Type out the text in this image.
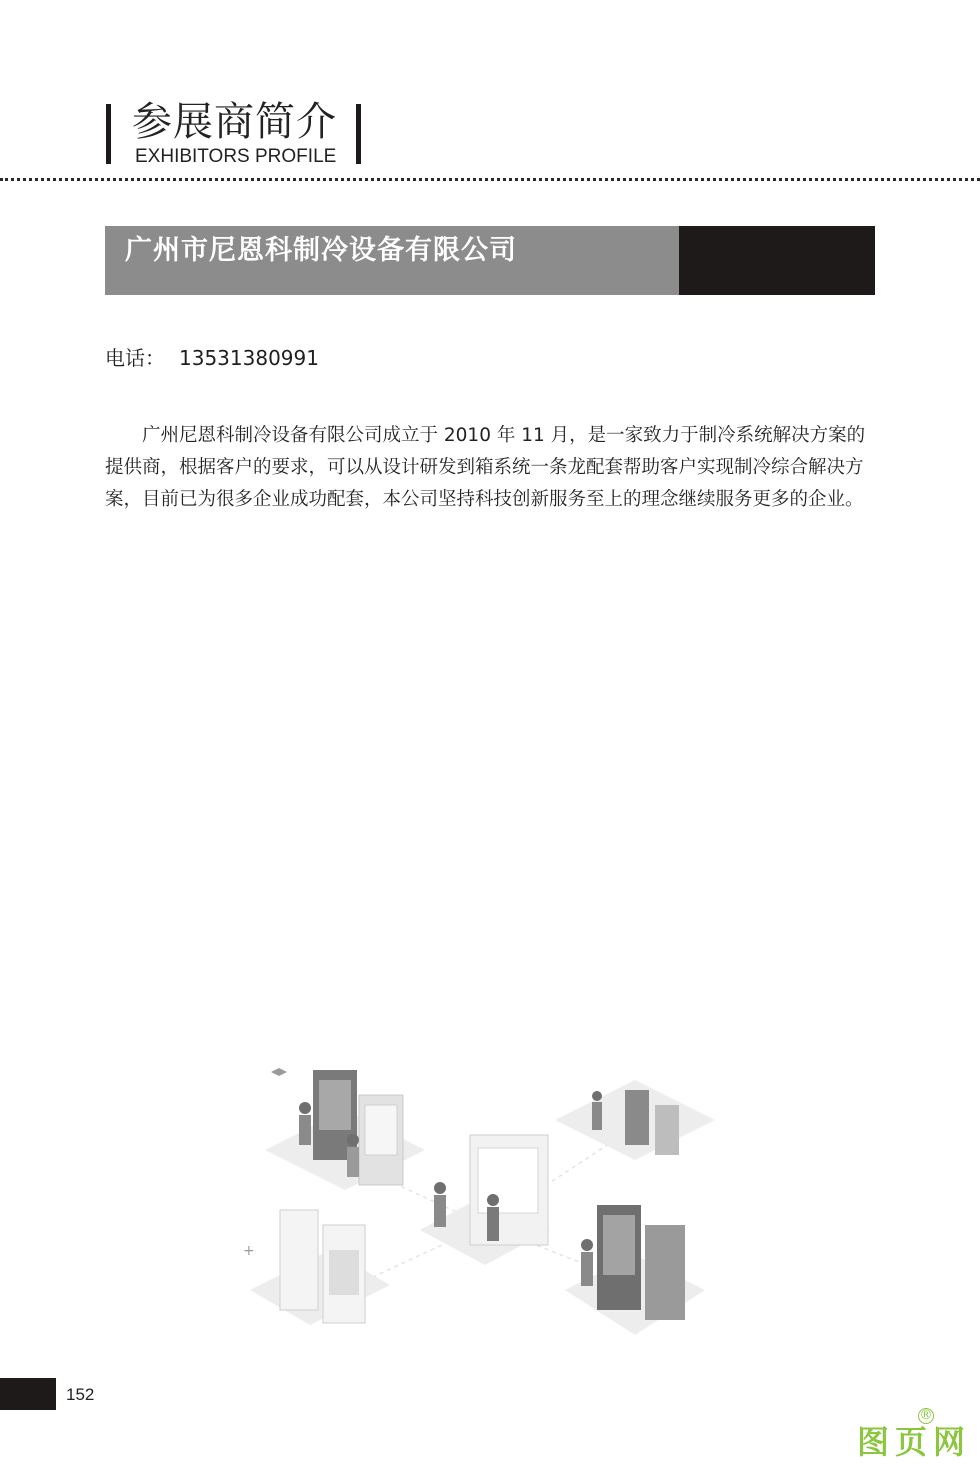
参展商简介
EXHIBITORS PROFILE
广州市尼恩科制冷设备有限公司
电话： 13531380991

广州尼恩科制冷设备有限公司成立于 2010 年 11 月，是一家致力于制冷系统解决方案的提供商，根据客户的要求，可以从设计研发到箱系统一条龙配套帮助客户实现制冷综合解决方案，目前已为很多企业成功配套，本公司坚持科技创新服务至上的理念继续服务更多的企业。

+
152
图页网
®
